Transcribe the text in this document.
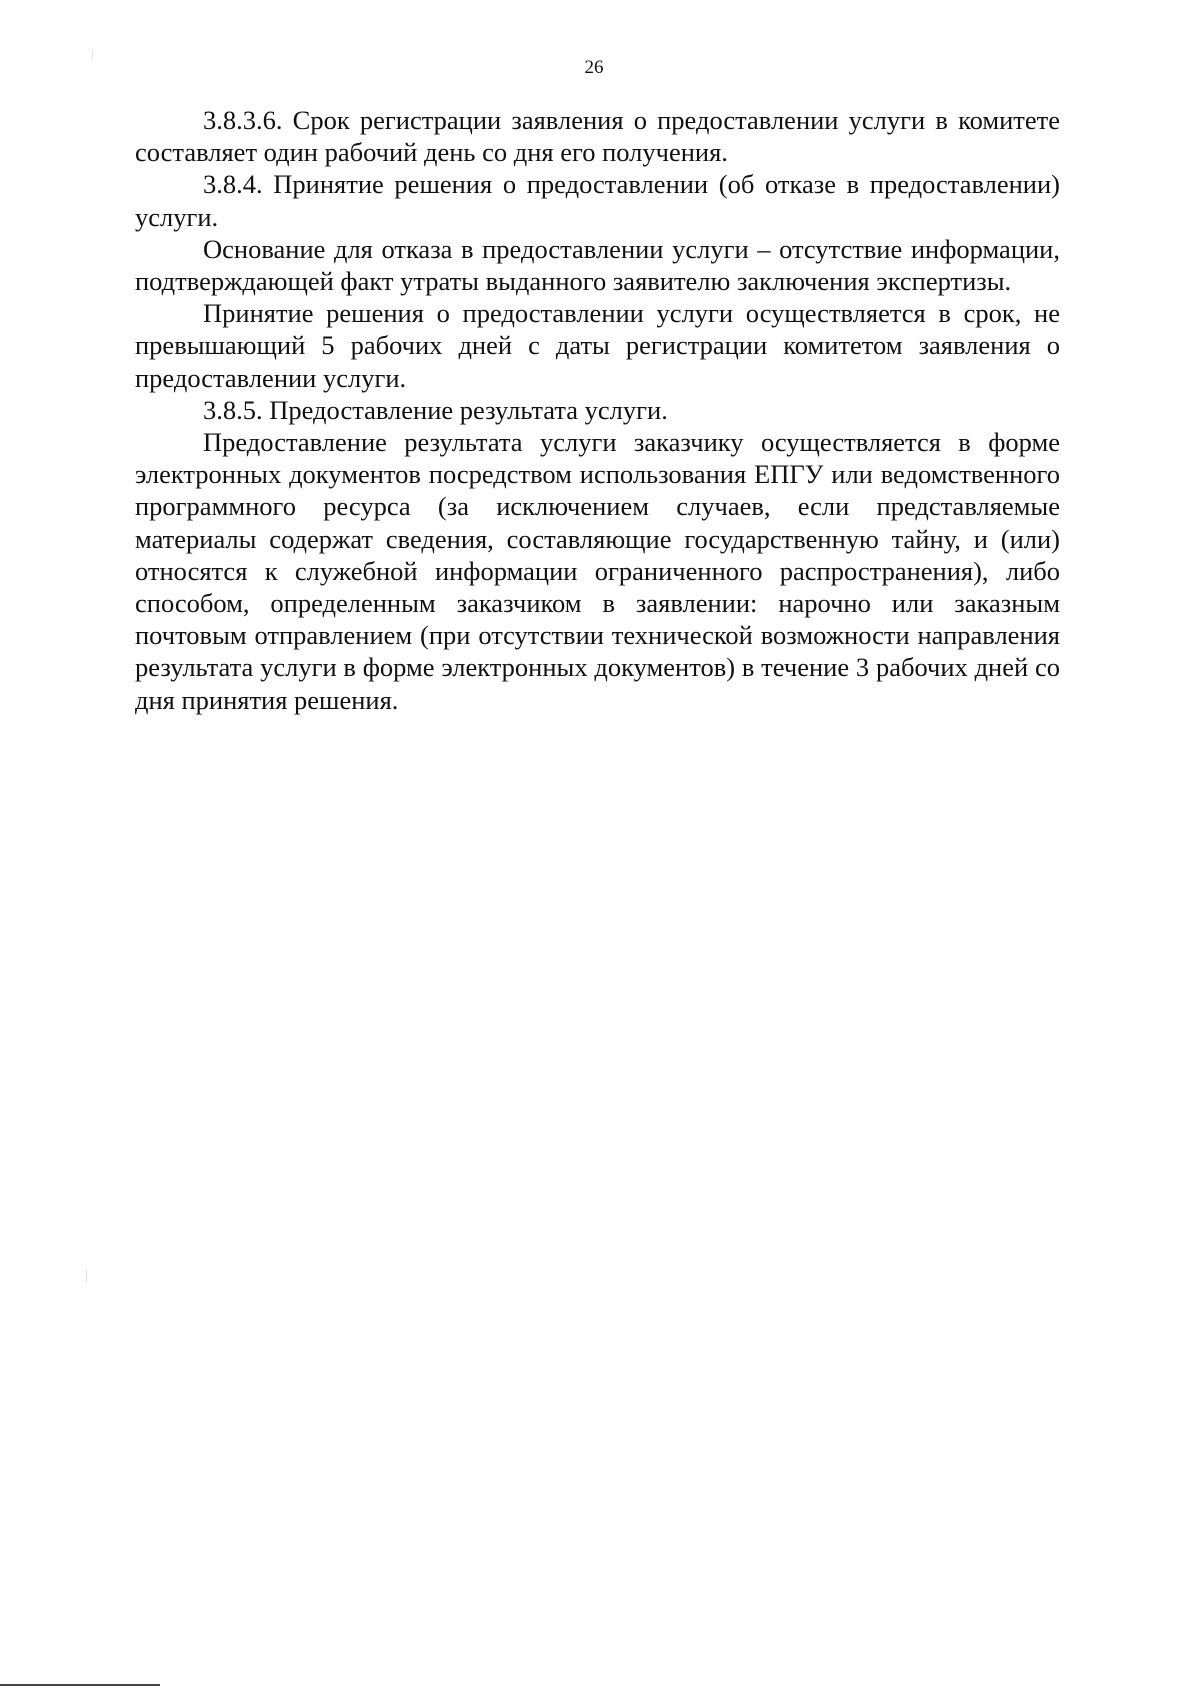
26

3.8.3.6. Срок регистрации заявления о предоставлении услуги в комитете составляет один рабочий день со дня его получения.

3.8.4. Принятие решения о предоставлении (об отказе в предоставлении) услуги.

Основание для отказа в предоставлении услуги – отсутствие информации, подтверждающей факт утраты выданного заявителю заключения экспертизы.

Принятие решения о предоставлении услуги осуществляется в срок, не превышающий 5 рабочих дней с даты регистрации комитетом заявления о предоставлении услуги.

3.8.5. Предоставление результата услуги.

Предоставление результата услуги заказчику осуществляется в форме электронных документов посредством использования ЕПГУ или ведомственного программного ресурса (за исключением случаев, если представляемые материалы содержат сведения, составляющие государственную тайну, и (или) относятся к служебной информации ограниченного распространения), либо способом, определенным заказчиком в заявлении: нарочно или заказным почтовым отправлением (при отсутствии технической возможности направления результата услуги в форме электронных документов) в течение 3 рабочих дней со дня принятия решения.
